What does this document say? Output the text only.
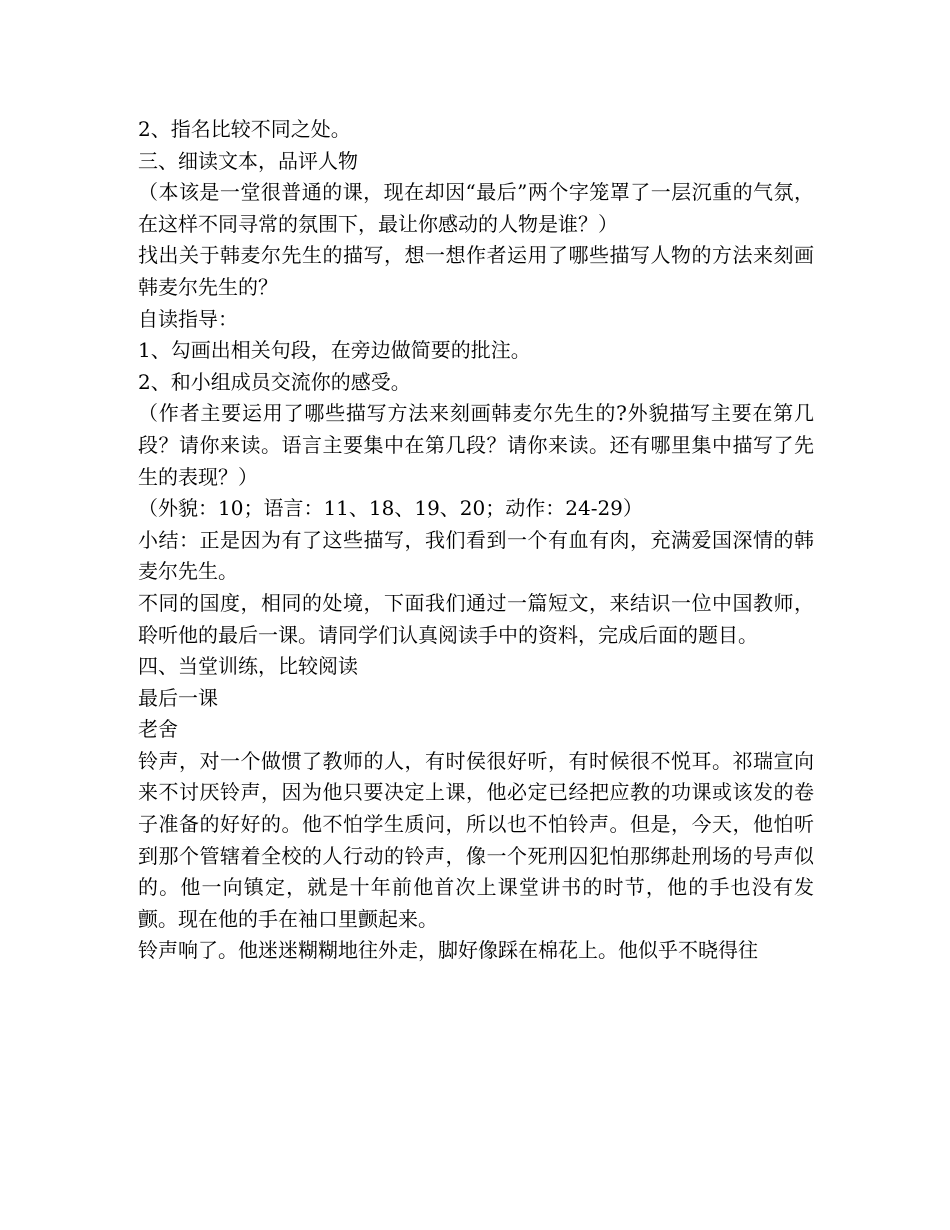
2、指名比较不同之处。

三、细读文本，品评人物

（本该是一堂很普通的课，现在却因“最后”两个字笼罩了一层沉重的气氛，在这样不同寻常的氛围下，最让你感动的人物是谁？）

找出关于韩麦尔先生的描写，想一想作者运用了哪些描写人物的方法来刻画韩麦尔先生的？

自读指导：

1、勾画出相关句段，在旁边做简要的批注。

2、和小组成员交流你的感受。

（作者主要运用了哪些描写方法来刻画韩麦尔先生的?外貌描写主要在第几段？请你来读。语言主要集中在第几段？请你来读。还有哪里集中描写了先生的表现？）

（外貌：10；语言：11、18、19、20；动作：24-29）

小结：正是因为有了这些描写，我们看到一个有血有肉，充满爱国深情的韩麦尔先生。

不同的国度，相同的处境，下面我们通过一篇短文，来结识一位中国教师，聆听他的最后一课。请同学们认真阅读手中的资料，完成后面的题目。

四、当堂训练，比较阅读

最后一课

老舍

铃声，对一个做惯了教师的人，有时侯很好听，有时候很不悦耳。祁瑞宣向来不讨厌铃声，因为他只要决定上课，他必定已经把应教的功课或该发的卷子准备的好好的。他不怕学生质问，所以也不怕铃声。但是，今天，他怕听到那个管辖着全校的人行动的铃声，像一个死刑囚犯怕那绑赴刑场的号声似的。他一向镇定，就是十年前他首次上课堂讲书的时节，他的手也没有发颤。现在他的手在袖口里颤起来。

铃声响了。他迷迷糊糊地往外走，脚好像踩在棉花上。他似乎不晓得往
